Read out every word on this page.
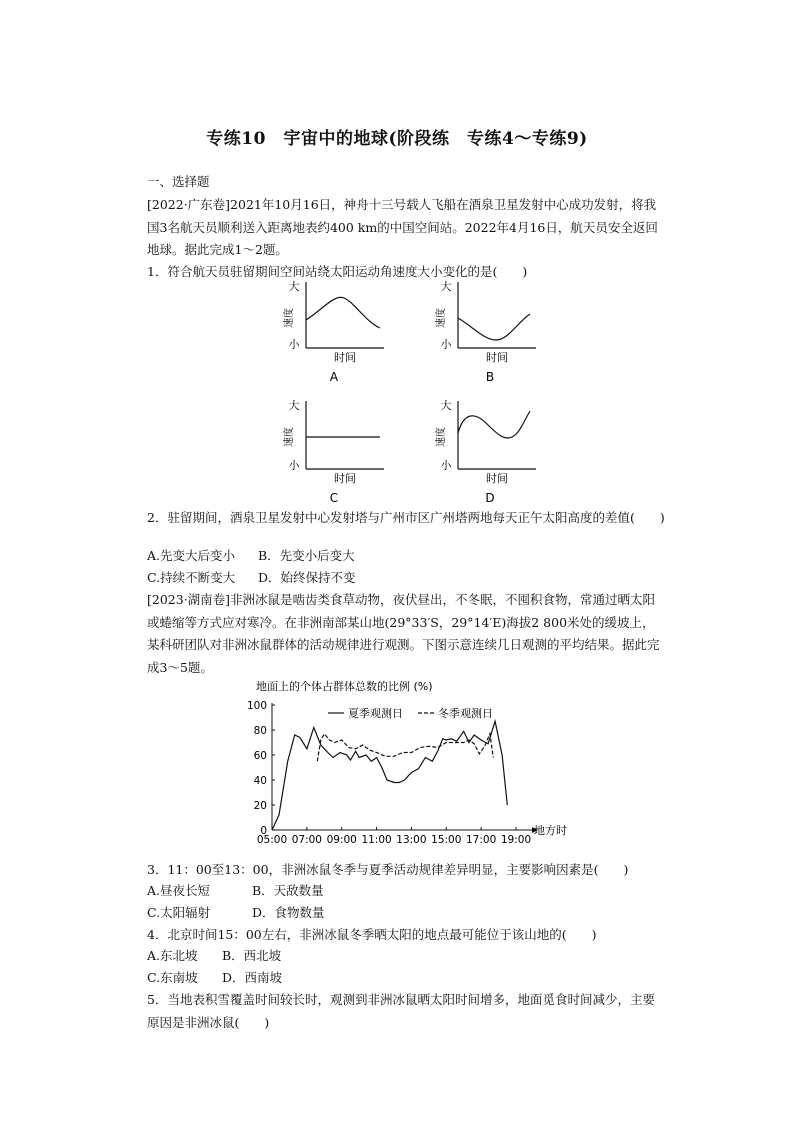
专练10　宇宙中的地球(阶段练　专练4～专练9)

一、选择题

[2022·广东卷]2021年10月16日，神舟十三号载人飞船在酒泉卫星发射中心成功发射，将我国3名航天员顺利送入距离地表约400 km的中国空间站。2022年4月16日，航天员安全返回地球。据此完成1～2题。

1．符合航天员驻留期间空间站绕太阳运动角速度大小变化的是(　　)

大
小
速度
时间
A
大
小
速度
时间
B
大
小
速度
时间
C
大
小
速度
时间
D

2．驻留期间，酒泉卫星发射中心发射塔与广州市区广州塔两地每天正午太阳高度的差值(　　)

A.先变大后变小 B．先变小后变大
C.持续不断变大 D．始终保持不变

[2023·湖南卷]非洲冰鼠是啮齿类食草动物，夜伏昼出，不冬眠，不囤积食物，常通过晒太阳或蜷缩等方式应对寒冷。在非洲南部某山地(29°33′S，29°14′E)海拔2 800米处的缓坡上，某科研团队对非洲冰鼠群体的活动规律进行观测。下图示意连续几日观测的平均结果。据此完成3～5题。

地面上的个体占群体总数的比例 (%)
0
20
40
60
80
100
05:00 07:00 09:00 11:00 13:00 15:00 17:00 19:00
夏季观测日	冬季观测日
地方时

3．11：00至13：00，非洲冰鼠冬季与夏季活动规律差异明显，主要影响因素是(　　)

A.昼夜长短	B．天敌数量
C.太阳辐射	D．食物数量

4．北京时间15：00左右，非洲冰鼠冬季晒太阳的地点最可能位于该山地的(　　)

A.东北坡 B．西北坡
C.东南坡 D．西南坡

5．当地表积雪覆盖时间较长时，观测到非洲冰鼠晒太阳时间增多，地面觅食时间减少，主要原因是非洲冰鼠(　　)
